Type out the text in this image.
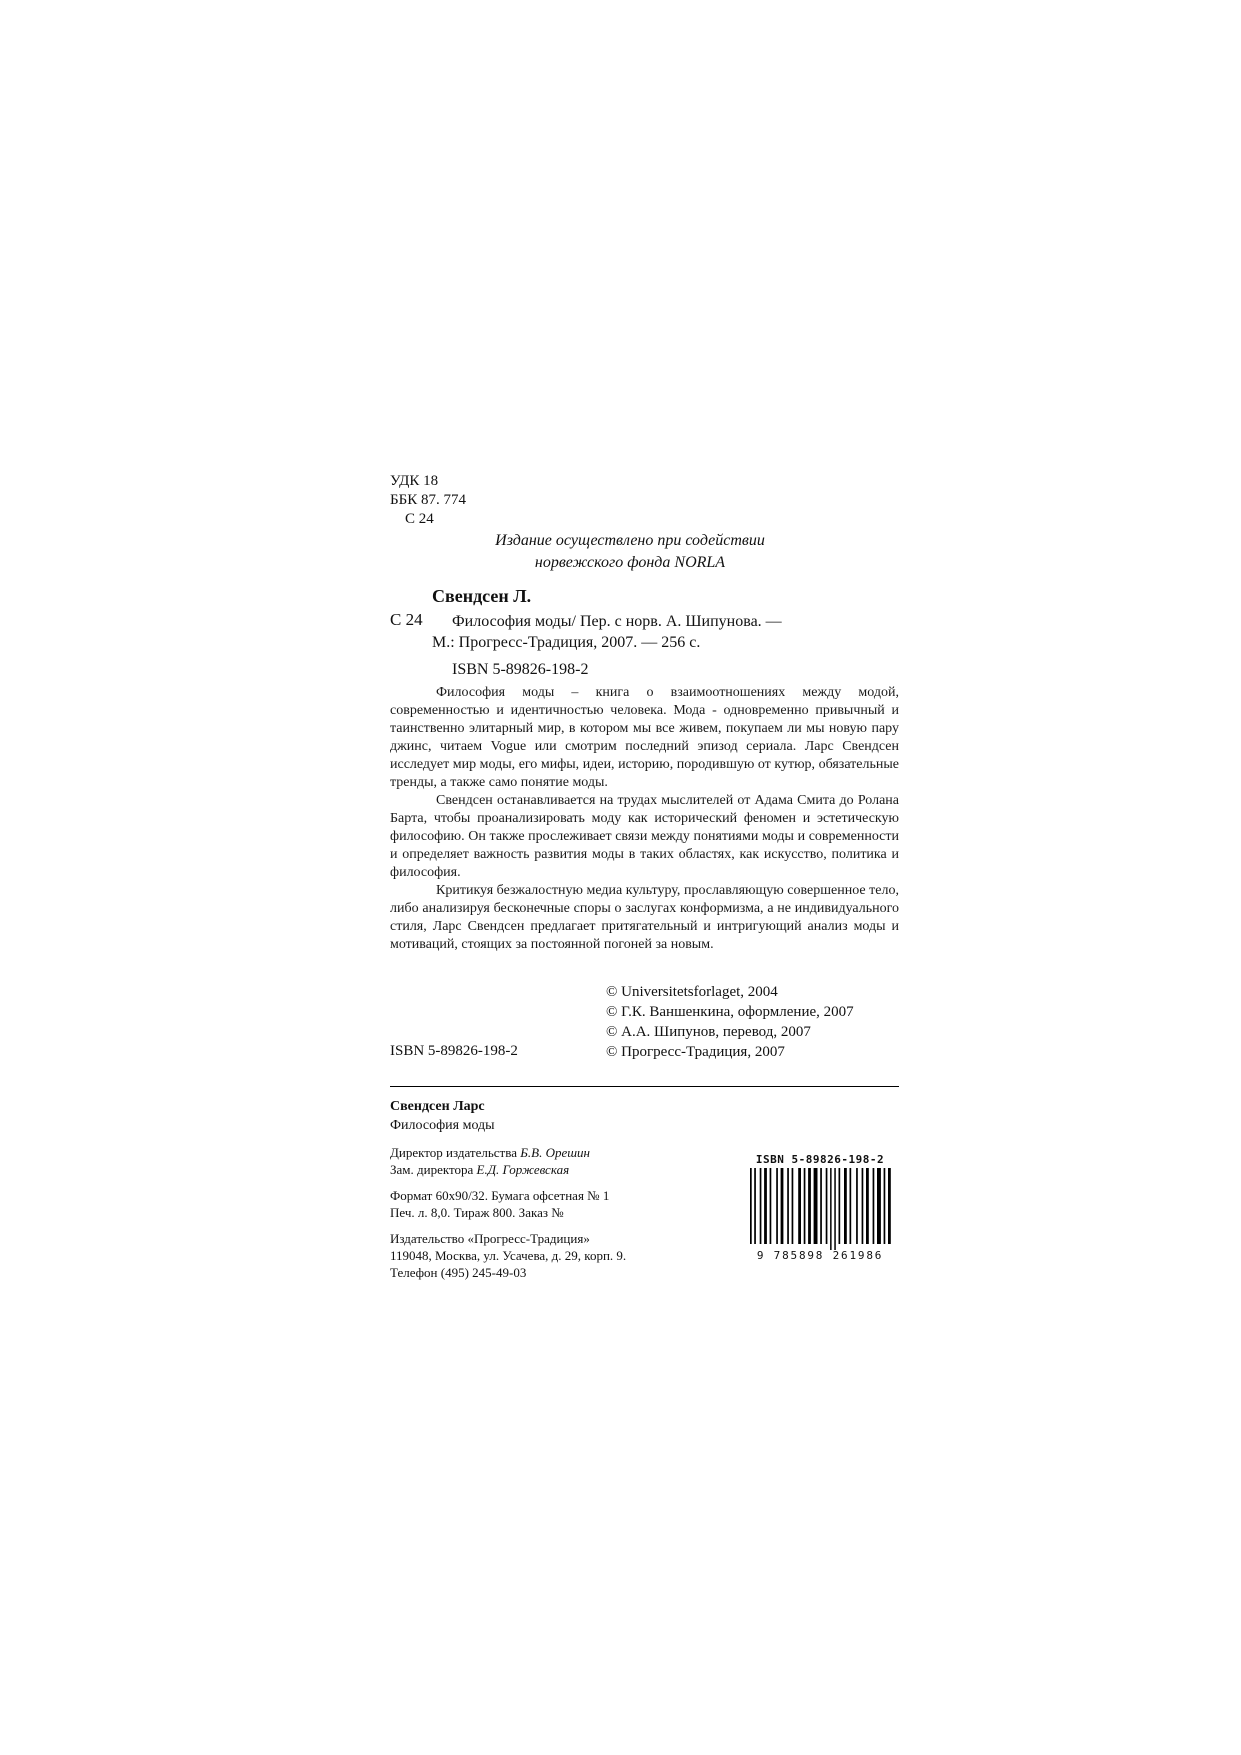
УДК 18
ББК 87. 774
С 24
Издание осуществлено при содействии
норвежского фонда NORLA
Свендсен Л.
С 24 Философия моды/ Пер. с норв. А. Шипунова. —
М.: Прогресс-Традиция, 2007. — 256 с.
ISBN 5-89826-198-2

Философия моды – книга о взаимоотношениях между модой, современностью и идентичностью человека. Мода - одновременно привычный и таинственно элитарный мир, в котором мы все живем, покупаем ли мы новую пару джинс, читаем Vogue или смотрим последний эпизод сериала. Ларс Свендсен исследует мир моды, его мифы, идеи, историю, породившую от кутюр, обязательные тренды, а также само понятие моды.

Свендсен останавливается на трудах мыслителей от Адама Смита до Ролана Барта, чтобы проанализировать моду как исторический феномен и эстетическую философию. Он также прослеживает связи между понятиями моды и современности и определяет важность развития моды в таких областях, как искусство, политика и философия.

Критикуя безжалостную медиа культуру, прославляющую совершенное тело, либо анализируя бесконечные споры о заслугах конформизма, а не индивидуального стиля, Ларс Свендсен предлагает притягательный и интригующий анализ моды и мотиваций, стоящих за постоянной погоней за новым.

© Universitetsforlaget, 2004
© Г.К. Ваншенкина, оформление, 2007
© А.А. Шипунов, перевод, 2007
© Прогресс-Традиция, 2007
ISBN 5-89826-198-2
Свендсен Ларс
Философия моды
Директор издательства Б.В. Орешин
Зам. директора Е.Д. Горжевская
Формат 60х90/32. Бумага офсетная № 1
Печ. л. 8,0. Тираж 800. Заказ №
Издательство «Прогресс-Традиция»
119048, Москва, ул. Усачева, д. 29, корп. 9.
Телефон (495) 245-49-03
ISBN 5-89826-198-2
9 785898 261986
